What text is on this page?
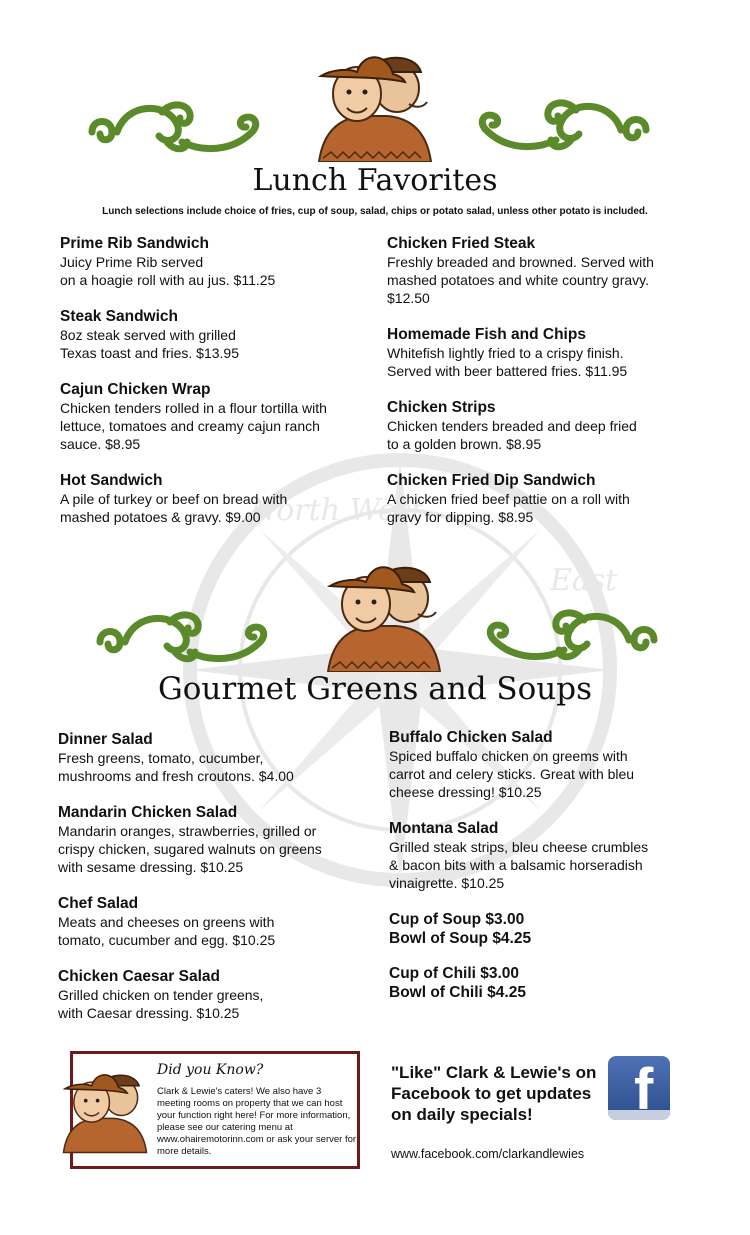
North West
East
Lunch Favorites
Lunch selections include choice of fries, cup of soup, salad, chips or potato salad, unless other potato is included.
Prime Rib Sandwich
Juicy Prime Rib served
on a hoagie roll with au jus. $11.25
Steak Sandwich
8oz steak served with grilled
Texas toast and fries. $13.95
Cajun Chicken Wrap
Chicken tenders rolled in a flour tortilla with
lettuce, tomatoes and creamy cajun ranch
sauce. $8.95
Hot Sandwich
A pile of turkey or beef on bread with
mashed potatoes & gravy. $9.00
Chicken Fried Steak
Freshly breaded and browned. Served with
mashed potatoes and white country gravy.
$12.50
Homemade Fish and Chips
Whitefish lightly fried to a crispy finish.
Served with beer battered fries. $11.95
Chicken Strips
Chicken tenders breaded and deep fried
to a golden brown. $8.95
Chicken Fried Dip Sandwich
A chicken fried beef pattie on a roll with
gravy for dipping. $8.95
Gourmet Greens and Soups
Dinner Salad
Fresh greens, tomato, cucumber,
mushrooms and fresh croutons. $4.00
Mandarin Chicken Salad
Mandarin oranges, strawberries, grilled or
crispy chicken, sugared walnuts on greens
with sesame dressing. $10.25
Chef Salad
Meats and cheeses on greens with
tomato, cucumber and egg. $10.25
Chicken Caesar Salad
Grilled chicken on tender greens,
with Caesar dressing. $10.25
Buffalo Chicken Salad
Spiced buffalo chicken on greems with
carrot and celery sticks. Great with bleu
cheese dressing! $10.25
Montana Salad
Grilled steak strips, bleu cheese crumbles
& bacon bits with a balsamic horseradish
vinaigrette. $10.25
Cup of Soup $3.00
Bowl of Soup $4.25
Cup of Chili $3.00
Bowl of Chili $4.25
Did you Know?
Clark & Lewie's caters! We also have 3 meeting rooms on property that we can host your function right here! For more information, please see our catering menu at www.ohairemotorinn.com or ask your server for more details.
"Like" Clark & Lewie's on Facebook to get updates on daily specials!
www.facebook.com/clarkandlewies
f
